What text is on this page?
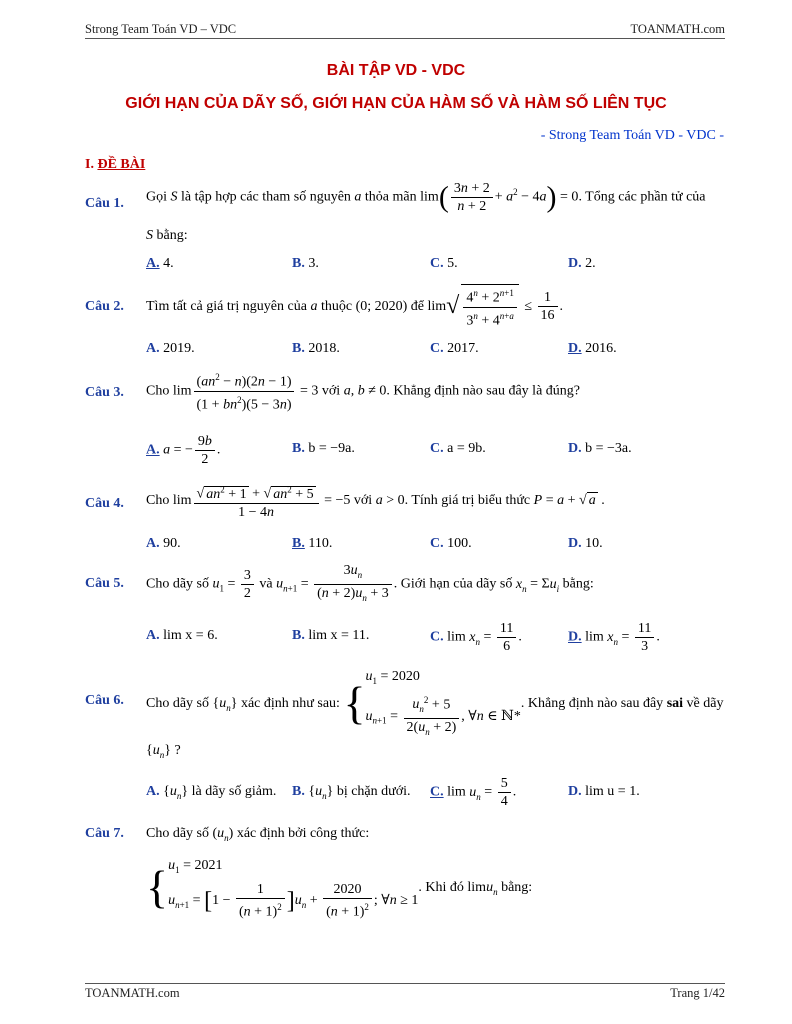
Strong Team Toán VD – VDC	TOANMATH.com
BÀI TẬP VD - VDC
GIỚI HẠN CỦA DÃY SỐ, GIỚI HẠN CỦA HÀM SỐ VÀ HÀM SỐ LIÊN TỤC
- Strong Team Toán VD - VDC -
I. ĐỀ BÀI
Câu 1. Gọi S là tập hợp các tham số nguyên a thỏa mãn $\lim( \frac{3n + 2}{n + 2} + a^2 - 4a) = 0$. Tổng các phần tử của
S bằng:
A. 4.	B. 3.	C. 5.	D. 2.
Câu 2. Tìm tất cả giá trị nguyên của a thuộc (0; 2020) để $\lim√ \frac{4^n + 2^{n+1}}{3^n + 4^{n+a}} \le \frac{1}{16}$ .
A. 2019.	B. 2018.	C. 2017.	D. 2016.
Câu 3. Cho $\lim \frac{(an^2 - n)(2n - 1)}{(1 + bn^2)(5 - 3n)} = 3$ với a, b ≠ 0. Khẳng định nào sau đây là đúng?
A. a = − $\frac{9b}{2}$ .	B. b = −9a.	C. a = 9b.	D. b = −3a.
Câu 4. Cho $\lim \frac{√ an^2 + 1 + √ an^2 + 5}{1 - 4n} = -5$ với a > 0. Tính giá trị biểu thức P = a + √ a .
A. 90.	B. 110.	C. 100.	D. 10.
Câu 5. Cho dãy số $u_1 = \frac{3}{2}$ và $u_{n+1} = \frac{3u_n}{(n + 2)u_n + 3}$ . Giới hạn của dãy số $x_n = \Sigma u_i$ bằng:
A. lim x = 6.	B. lim x = 11.	C. $\lim x_n = \frac{11}{6}$ .	D. $\lim x_n = \frac{11}{3}$ .
Câu 6. Cho dãy số $\{u_n\}$ xác định như sau: {
$u_1 = 2020$
$u_{n+1} = \frac{u_n^2 + 5}{2(u_n + 2)}$ , ∀n ∈ ℕ*
. Khẳng định nào sau đây sai về dãy
$\{u_n\}$ ?
A. $\{u_n\}$ là dãy số giảm. B. $\{u_n\}$ bị chặn dưới. C. $\lim u_n = \frac{5}{4}$ .	D. lim u = 1.
Câu 7. Cho dãy số $(u_n)$ xác định bởi công thức:
{ $u_1 = 2021$
$u_{n+1} = [1 - \frac{1}{(n + 1)^2} ]u_n + \frac{2020}{(n + 1)^2}$ ; ∀n ≥ 1
. Khi đó limu$_n$ bằng:
TOANMATH.com	Trang 1/42
